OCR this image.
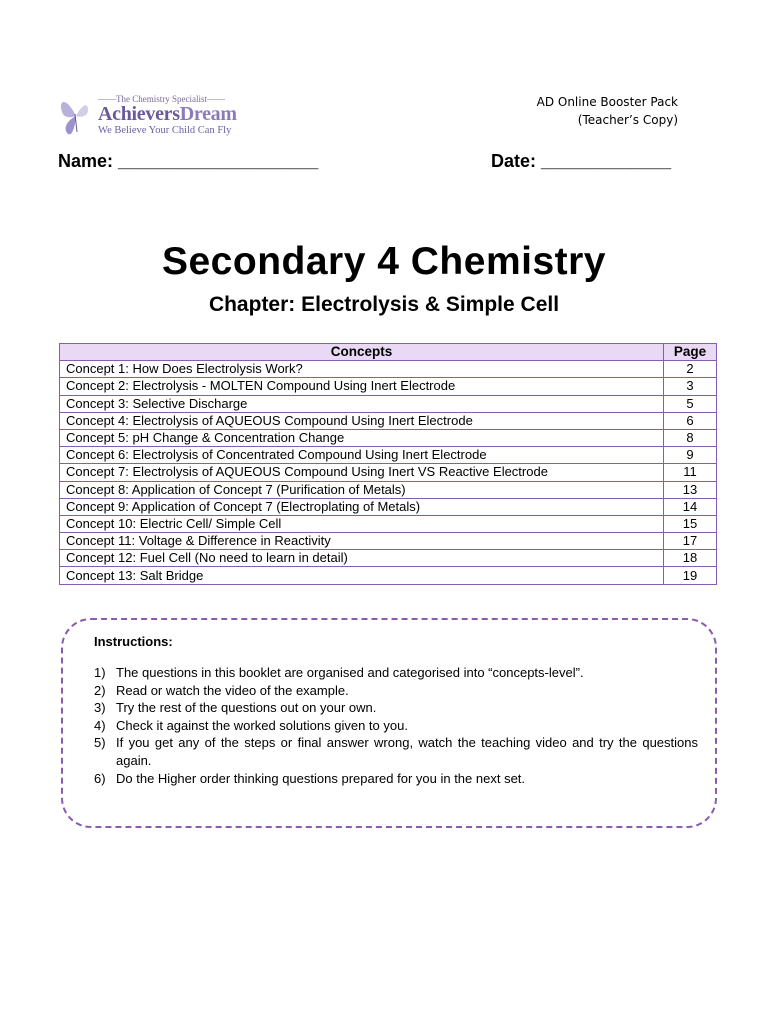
——The Chemistry Specialist——
AchieversDream
We Believe Your Child Can Fly
AD Online Booster Pack
(Teacher’s Copy)
Name: ____________________	Date: _____________
Secondary 4 Chemistry
Chapter: Electrolysis & Simple Cell
Concepts	Page
Concept 1: How Does Electrolysis Work?	2
Concept 2: Electrolysis - MOLTEN Compound Using Inert Electrode	3
Concept 3: Selective Discharge	5
Concept 4: Electrolysis of AQUEOUS Compound Using Inert Electrode	6
Concept 5: pH Change & Concentration Change	8
Concept 6: Electrolysis of Concentrated Compound Using Inert Electrode	9
Concept 7: Electrolysis of AQUEOUS Compound Using Inert VS Reactive Electrode	11
Concept 8: Application of Concept 7 (Purification of Metals)	13
Concept 9: Application of Concept 7 (Electroplating of Metals)	14
Concept 10: Electric Cell/ Simple Cell	15
Concept 11: Voltage & Difference in Reactivity	17
Concept 12: Fuel Cell (No need to learn in detail)	18
Concept 13: Salt Bridge	19
Instructions:
1) The questions in this booklet are organised and categorised into “concepts-level”.
2) Read or watch the video of the example.
3) Try the rest of the questions out on your own.
4) Check it against the worked solutions given to you.
5) If you get any of the steps or final answer wrong, watch the teaching video and try the questions again.
6) Do the Higher order thinking questions prepared for you in the next set.
